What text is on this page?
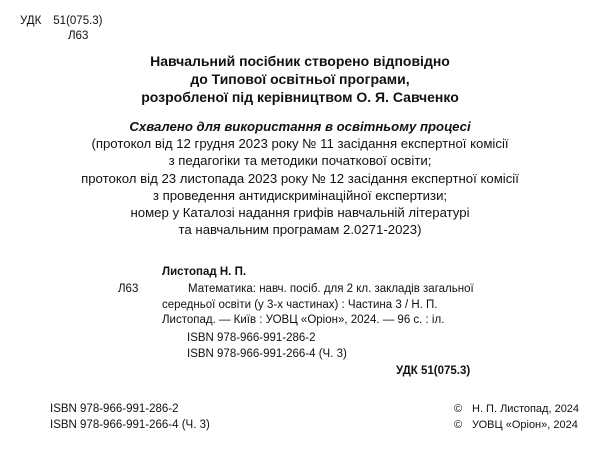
УДК 51(075.3)
Л63
Навчальний посібник створено відповідно
до Типової освітньої програми,
розробленої під керівництвом О. Я. Савченко
Схвалено для використання в освітньому процесі
(протокол від 12 грудня 2023 року № 11 засідання експертної комісії
з педагогіки та методики початкової освіти;
протокол від 23 листопада 2023 року № 12 засідання експертної комісії
з проведення антидискримінаційної експертизи;
номер у Каталозі надання грифів навчальній літературі
та навчальним програмам 2.0271-2023)
Листопад Н. П.
Л63	Математика: навч. посіб. для 2 кл. закладів загальної середньої освіти (у 3-х частинах) : Частина 3 / Н. П. Листопад. — Київ : УОВЦ «Оріон», 2024. — 96 с. : іл.
ISBN 978-966-991-286-2
ISBN 978-966-991-266-4 (Ч. 3)
УДК 51(075.3)
ISBN 978-966-991-286-2
ISBN 978-966-991-266-4 (Ч. 3)
© Н. П. Листопад, 2024
© УОВЦ «Оріон», 2024
